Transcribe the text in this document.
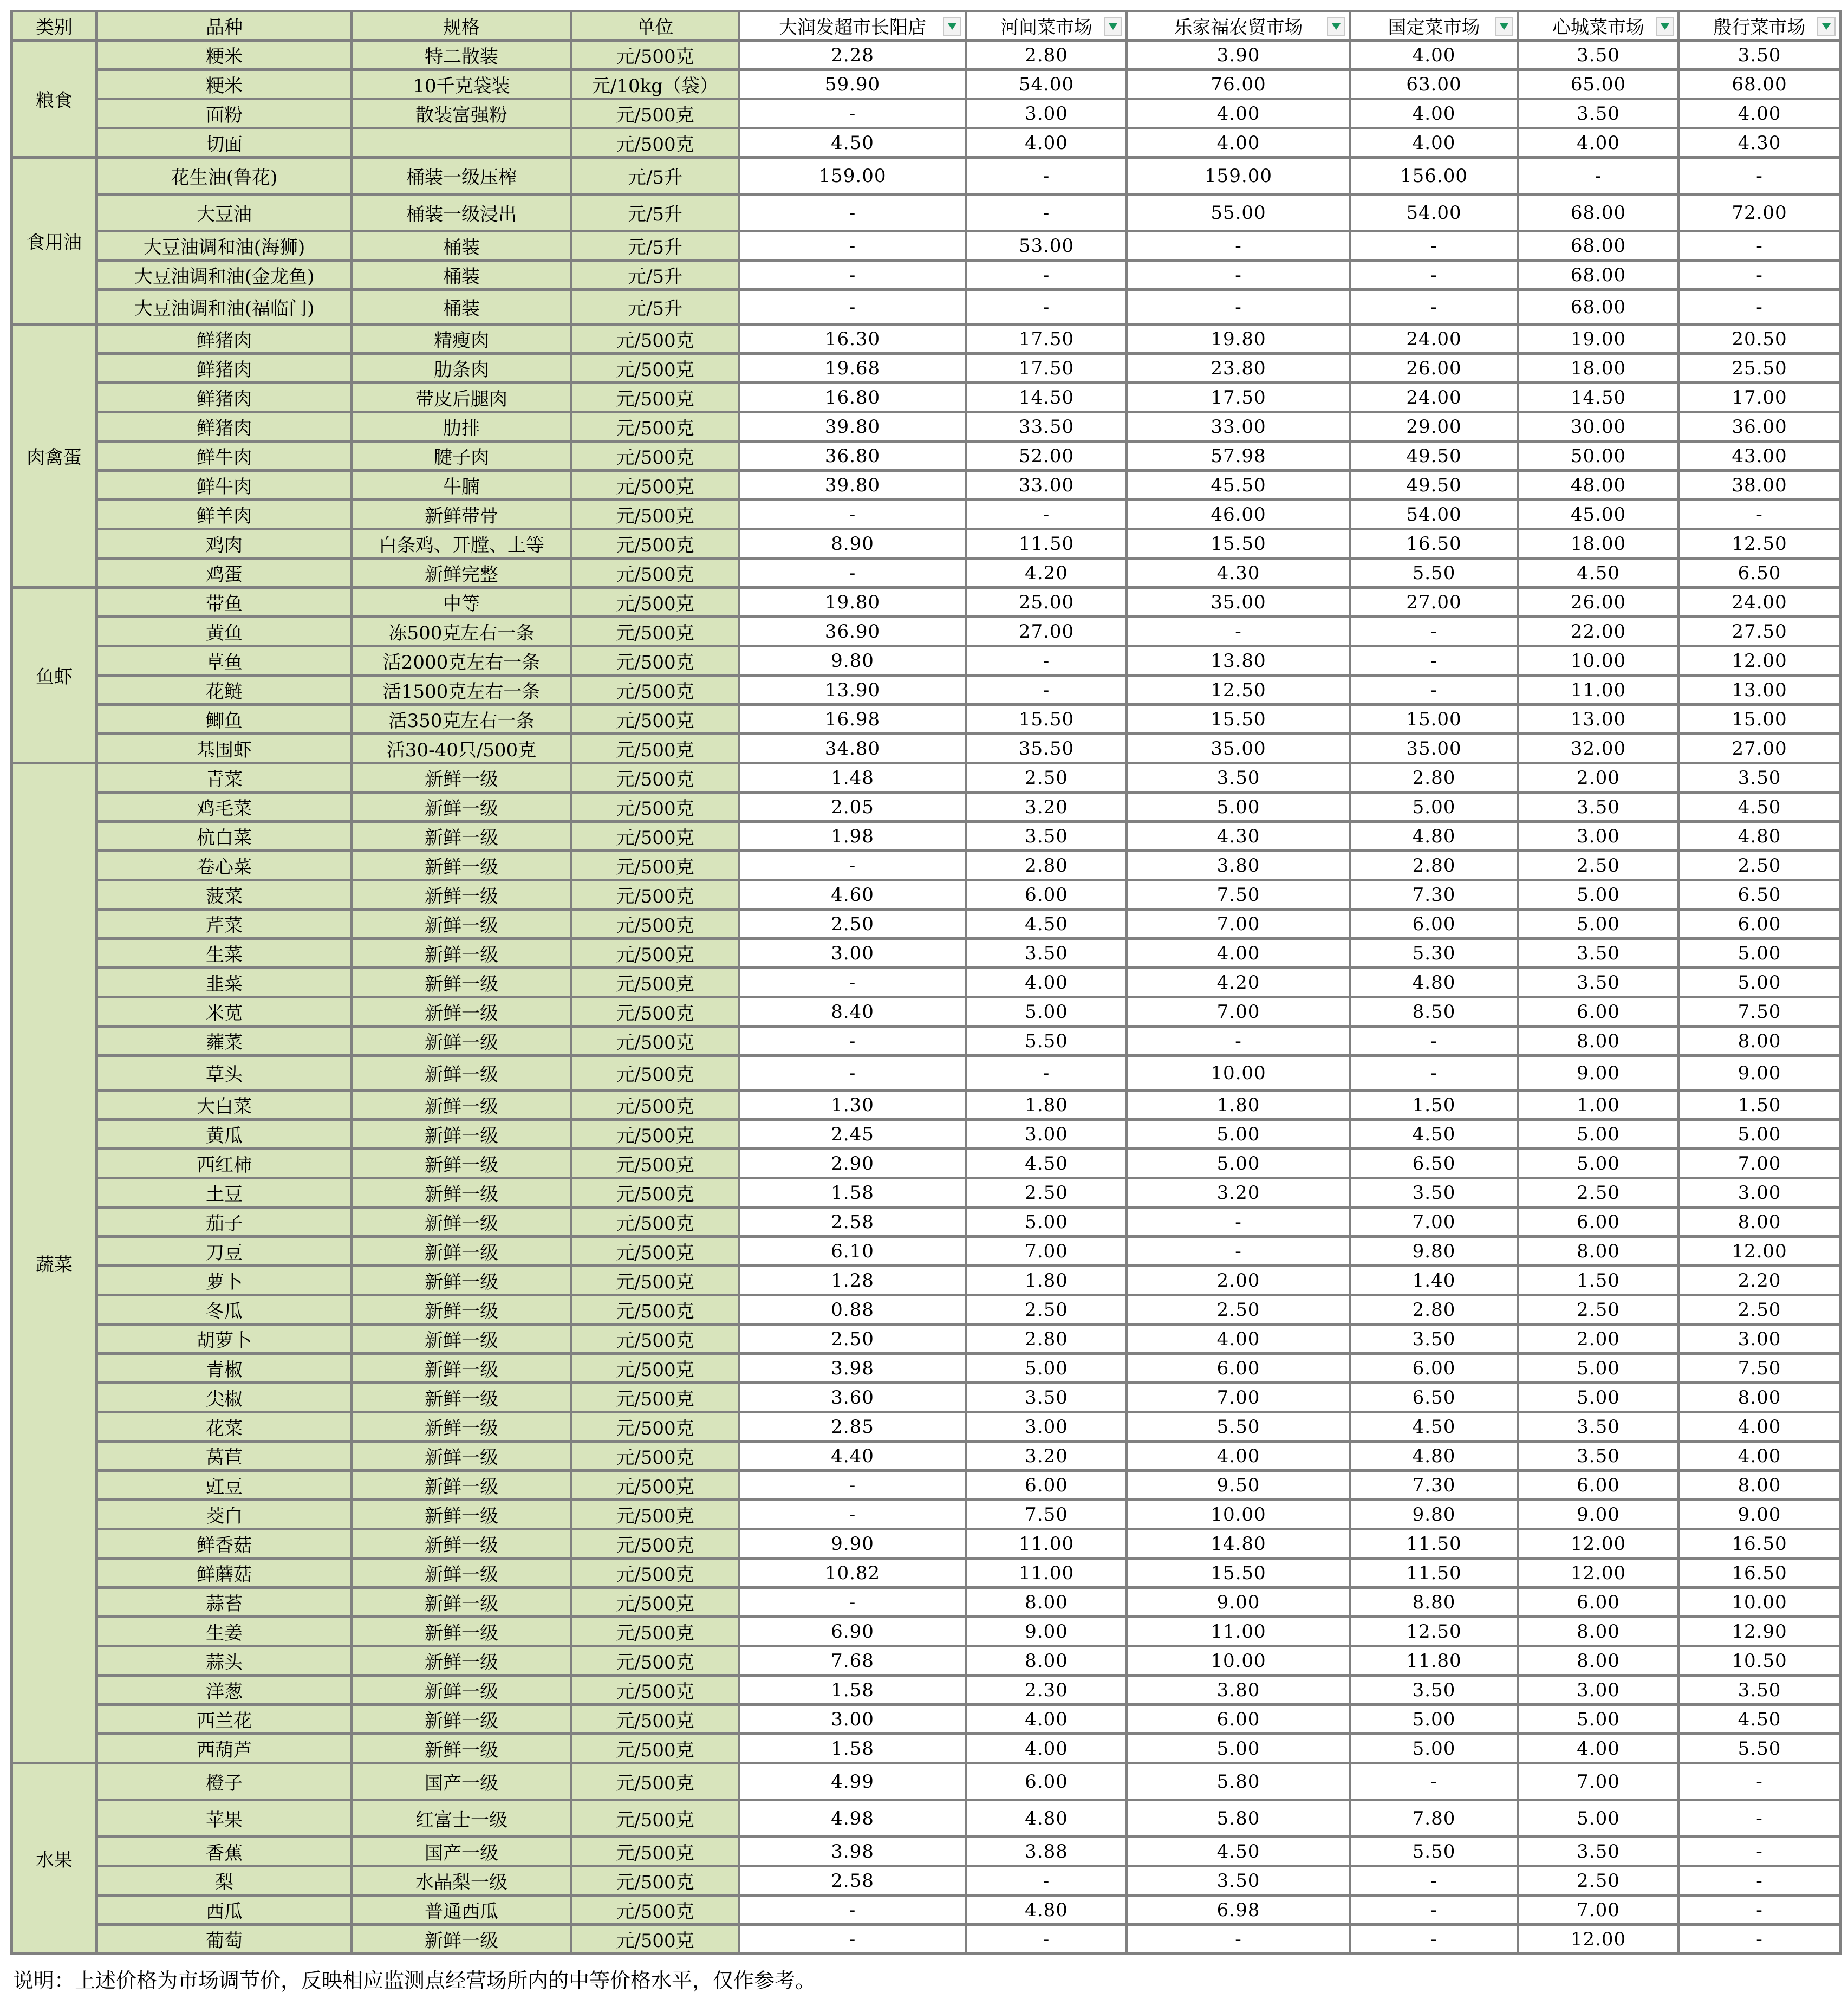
类别	品种	规格	单位	大润发超市长阳店	河间菜市场	乐家福农贸市场	国定菜市场	心城菜市场	殷行菜市场

粮食	粳米	特二散装	元/500克	2.28	2.80	3.90	4.00	3.50	3.50
	粳米	10千克袋装	元/10kg（袋）	59.90	54.00	76.00	63.00	65.00	68.00
	面粉	散装富强粉	元/500克	-	3.00	4.00	4.00	3.50	4.00
	切面		元/500克	4.50	4.00	4.00	4.00	4.00	4.30
食用油	花生油(鲁花)	桶装一级压榨	元/5升	159.00	-	159.00	156.00	-	-
	大豆油	桶装一级浸出	元/5升	-	-	55.00	54.00	68.00	72.00
	大豆油调和油(海狮)	桶装	元/5升	-	53.00	-	-	68.00	-
	大豆油调和油(金龙鱼)	桶装	元/5升	-	-	-	-	68.00	-
	大豆油调和油(福临门)	桶装	元/5升	-	-	-	-	68.00	-
肉禽蛋	鲜猪肉	精瘦肉	元/500克	16.30	17.50	19.80	24.00	19.00	20.50
	鲜猪肉	肋条肉	元/500克	19.68	17.50	23.80	26.00	18.00	25.50
	鲜猪肉	带皮后腿肉	元/500克	16.80	14.50	17.50	24.00	14.50	17.00
	鲜猪肉	肋排	元/500克	39.80	33.50	33.00	29.00	30.00	36.00
	鲜牛肉	腱子肉	元/500克	36.80	52.00	57.98	49.50	50.00	43.00
	鲜牛肉	牛腩	元/500克	39.80	33.00	45.50	49.50	48.00	38.00
	鲜羊肉	新鲜带骨	元/500克	-	-	46.00	54.00	45.00	-
	鸡肉	白条鸡、开膛、上等	元/500克	8.90	11.50	15.50	16.50	18.00	12.50
	鸡蛋	新鲜完整	元/500克	-	4.20	4.30	5.50	4.50	6.50
鱼虾	带鱼	中等	元/500克	19.80	25.00	35.00	27.00	26.00	24.00
	黄鱼	冻500克左右一条	元/500克	36.90	27.00	-	-	22.00	27.50
	草鱼	活2000克左右一条	元/500克	9.80	-	13.80	-	10.00	12.00
	花鲢	活1500克左右一条	元/500克	13.90	-	12.50	-	11.00	13.00
	鲫鱼	活350克左右一条	元/500克	16.98	15.50	15.50	15.00	13.00	15.00
	基围虾	活30-40只/500克	元/500克	34.80	35.50	35.00	35.00	32.00	27.00
蔬菜	青菜	新鲜一级	元/500克	1.48	2.50	3.50	2.80	2.00	3.50
	鸡毛菜	新鲜一级	元/500克	2.05	3.20	5.00	5.00	3.50	4.50
	杭白菜	新鲜一级	元/500克	1.98	3.50	4.30	4.80	3.00	4.80
	卷心菜	新鲜一级	元/500克	-	2.80	3.80	2.80	2.50	2.50
	菠菜	新鲜一级	元/500克	4.60	6.00	7.50	7.30	5.00	6.50
	芹菜	新鲜一级	元/500克	2.50	4.50	7.00	6.00	5.00	6.00
	生菜	新鲜一级	元/500克	3.00	3.50	4.00	5.30	3.50	5.00
	韭菜	新鲜一级	元/500克	-	4.00	4.20	4.80	3.50	5.00
	米苋	新鲜一级	元/500克	8.40	5.00	7.00	8.50	6.00	7.50
	蕹菜	新鲜一级	元/500克	-	5.50	-	-	8.00	8.00
	草头	新鲜一级	元/500克	-	-	10.00	-	9.00	9.00
	大白菜	新鲜一级	元/500克	1.30	1.80	1.80	1.50	1.00	1.50
	黄瓜	新鲜一级	元/500克	2.45	3.00	5.00	4.50	5.00	5.00
	西红柿	新鲜一级	元/500克	2.90	4.50	5.00	6.50	5.00	7.00
	土豆	新鲜一级	元/500克	1.58	2.50	3.20	3.50	2.50	3.00
	茄子	新鲜一级	元/500克	2.58	5.00	-	7.00	6.00	8.00
	刀豆	新鲜一级	元/500克	6.10	7.00	-	9.80	8.00	12.00
	萝卜	新鲜一级	元/500克	1.28	1.80	2.00	1.40	1.50	2.20
	冬瓜	新鲜一级	元/500克	0.88	2.50	2.50	2.80	2.50	2.50
	胡萝卜	新鲜一级	元/500克	2.50	2.80	4.00	3.50	2.00	3.00
	青椒	新鲜一级	元/500克	3.98	5.00	6.00	6.00	5.00	7.50
	尖椒	新鲜一级	元/500克	3.60	3.50	7.00	6.50	5.00	8.00
	花菜	新鲜一级	元/500克	2.85	3.00	5.50	4.50	3.50	4.00
	莴苣	新鲜一级	元/500克	4.40	3.20	4.00	4.80	3.50	4.00
	豇豆	新鲜一级	元/500克	-	6.00	9.50	7.30	6.00	8.00
	茭白	新鲜一级	元/500克	-	7.50	10.00	9.80	9.00	9.00
	鲜香菇	新鲜一级	元/500克	9.90	11.00	14.80	11.50	12.00	16.50
	鲜蘑菇	新鲜一级	元/500克	10.82	11.00	15.50	11.50	12.00	16.50
	蒜苔	新鲜一级	元/500克	-	8.00	9.00	8.80	6.00	10.00
	生姜	新鲜一级	元/500克	6.90	9.00	11.00	12.50	8.00	12.90
	蒜头	新鲜一级	元/500克	7.68	8.00	10.00	11.80	8.00	10.50
	洋葱	新鲜一级	元/500克	1.58	2.30	3.80	3.50	3.00	3.50
	西兰花	新鲜一级	元/500克	3.00	4.00	6.00	5.00	5.00	4.50
	西葫芦	新鲜一级	元/500克	1.58	4.00	5.00	5.00	4.00	5.50
水果	橙子	国产一级	元/500克	4.99	6.00	5.80	-	7.00	-
	苹果	红富士一级	元/500克	4.98	4.80	5.80	7.80	5.00	-
	香蕉	国产一级	元/500克	3.98	3.88	4.50	5.50	3.50	-
	梨	水晶梨一级	元/500克	2.58	-	3.50	-	2.50	-
	西瓜	普通西瓜	元/500克	-	4.80	6.98	-	7.00	-
	葡萄	新鲜一级	元/500克	-	-	-	-	12.00	-
说明：上述价格为市场调节价，反映相应监测点经营场所内的中等价格水平，仅作参考。
